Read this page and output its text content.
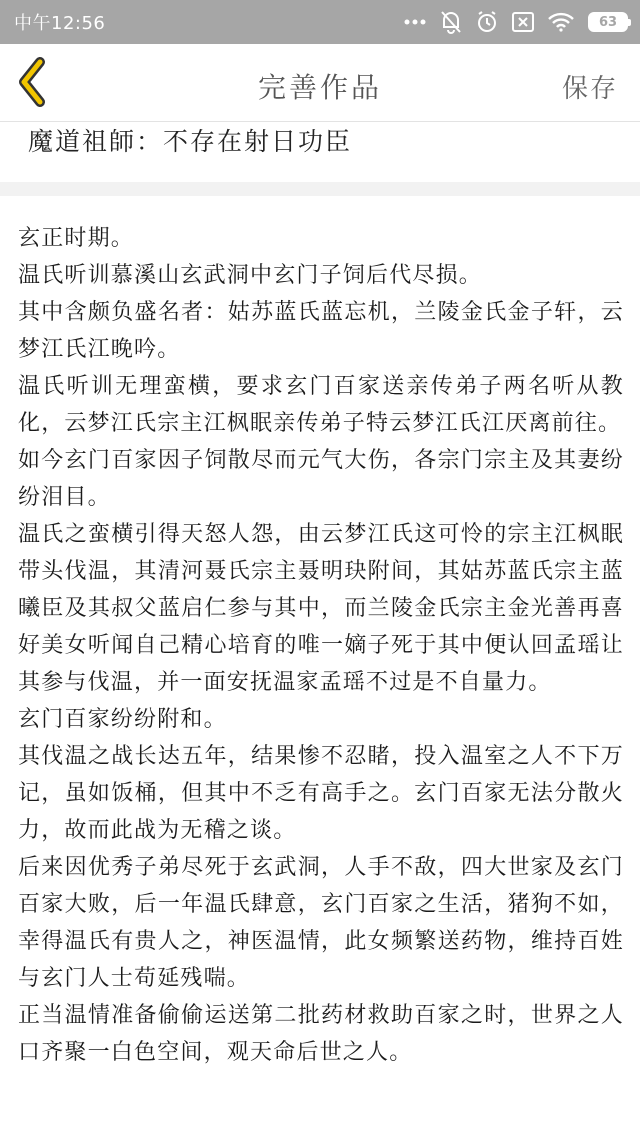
中午12:56	63
完善作品	保存
魔道祖師：不存在射日功臣

玄正时期。

温氏听训慕溪山玄武洞中玄门子饲后代尽损。

其中含颇负盛名者：姑苏蓝氏蓝忘机，兰陵金氏金子轩，云梦江氏江晚吟。

温氏听训无理蛮横，要求玄门百家送亲传弟子两名听从教化，云梦江氏宗主江枫眠亲传弟子特云梦江氏江厌离前往。

如今玄门百家因子饲散尽而元气大伤，各宗门宗主及其妻纷纷泪目。

温氏之蛮横引得天怒人怨，由云梦江氏这可怜的宗主江枫眠带头伐温，其清河聂氏宗主聂明玦附间，其姑苏蓝氏宗主蓝曦臣及其叔父蓝启仁参与其中，而兰陵金氏宗主金光善再喜好美女听闻自己精心培育的唯一嫡子死于其中便认回孟瑶让其参与伐温，并一面安抚温家孟瑶不过是不自量力。

玄门百家纷纷附和。

其伐温之战长达五年，结果惨不忍睹，投入温室之人不下万记，虽如饭桶，但其中不乏有高手之。玄门百家无法分散火力，故而此战为无稽之谈。

后来因优秀子弟尽死于玄武洞，人手不敌，四大世家及玄门百家大败，后一年温氏肆意，玄门百家之生活，猪狗不如，幸得温氏有贵人之，神医温情，此女频繁送药物，维持百姓与玄门人士苟延残喘。

正当温情准备偷偷运送第二批药材救助百家之时，世界之人口齐聚一白色空间，观天命后世之人。
